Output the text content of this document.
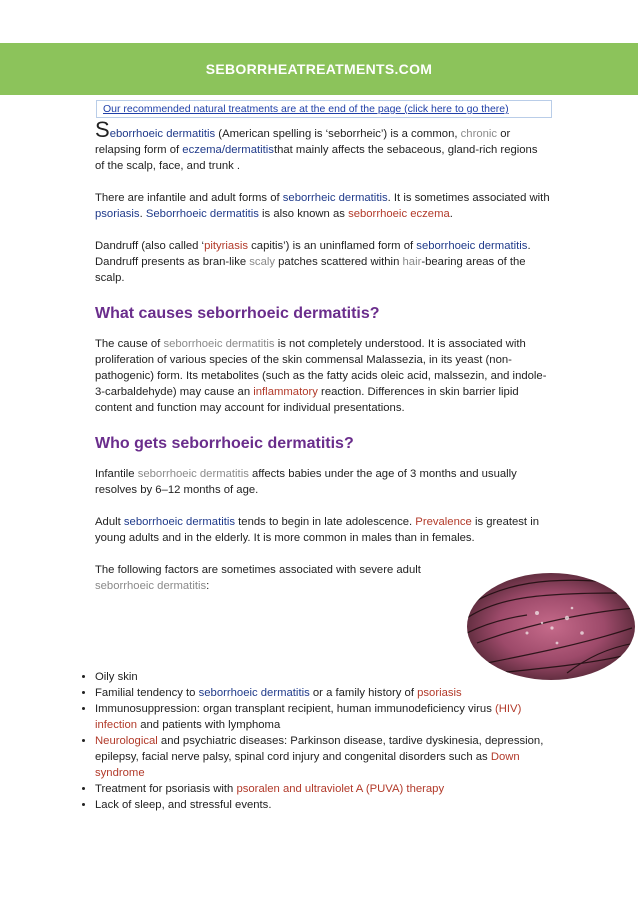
SEBORRHEATREATMENTS.COM
Our recommended natural treatments are at the end of the page (click here to go there)

Seborrhoeic dermatitis (American spelling is ‘seborrheic’) is a common, chronic or relapsing form of eczema/dermatitisthat mainly affects the sebaceous, gland-rich regions of the scalp, face, and trunk .

There are infantile and adult forms of seborrheic dermatitis. It is sometimes associated with psoriasis. Seborrhoeic dermatitis is also known as seborrhoeic eczema.

Dandruff (also called ‘pityriasis capitis’) is an uninflamed form of seborrhoeic dermatitis. Dandruff presents as bran-like scaly patches scattered within hair-bearing areas of the scalp.

What causes seborrhoeic dermatitis?

The cause of seborrhoeic dermatitis is not completely understood. It is associated with proliferation of various species of the skin commensal Malassezia, in its yeast (non-pathogenic) form. Its metabolites (such as the fatty acids oleic acid, malssezin, and indole-3-carbaldehyde) may cause an inflammatory reaction. Differences in skin barrier lipid content and function may account for individual presentations.

Who gets seborrhoeic dermatitis?

Infantile seborrhoeic dermatitis affects babies under the age of 3 months and usually resolves by 6–12 months of age.

Adult seborrhoeic dermatitis tends to begin in late adolescence. Prevalence is greatest in young adults and in the elderly. It is more common in males than in females.

The following factors are sometimes associated with severe adult seborrhoeic dermatitis:

• Oily skin
• Familial tendency to seborrhoeic dermatitis or a family history of psoriasis
• Immunosuppression: organ transplant recipient, human immunodeficiency virus (HIV) infection and patients with lymphoma
• Neurological and psychiatric diseases: Parkinson disease, tardive dyskinesia, depression, epilepsy, facial nerve palsy, spinal cord injury and congenital disorders such as Down syndrome
• Treatment for psoriasis with psoralen and ultraviolet A (PUVA) therapy
• Lack of sleep, and stressful events.
